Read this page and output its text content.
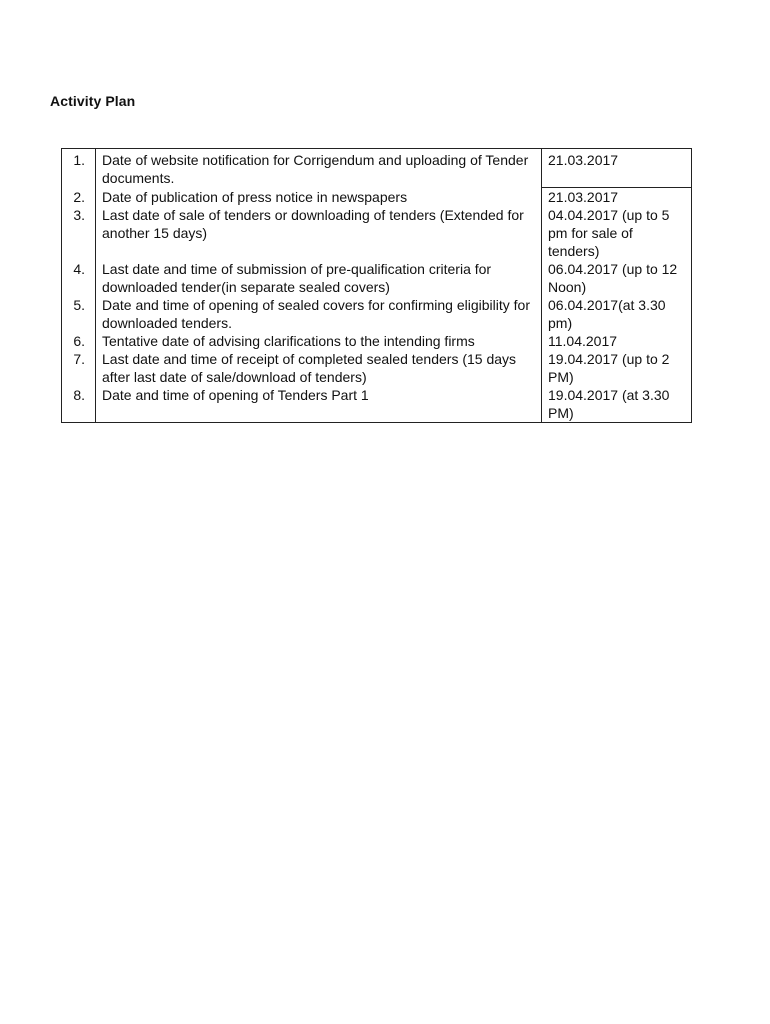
Activity Plan
1.	Date of website notification for Corrigendum and uploading of Tender documents.	21.03.2017
2.	Date of publication of press notice in newspapers	21.03.2017
3.	Last date of sale of tenders or downloading of tenders (Extended for another 15 days)	04.04.2017 (up to 5 pm for sale of tenders)
4.	Last date and time of submission of pre-qualification criteria for downloaded tender(in separate sealed covers)	06.04.2017 (up to 12 Noon)
5.	Date and time of opening of sealed covers for confirming eligibility for downloaded tenders.	06.04.2017(at 3.30 pm)
6.	Tentative date of advising clarifications to the intending firms	11.04.2017
7.	Last date and time of receipt of completed sealed tenders (15 days after last date of sale/download of tenders)	19.04.2017 (up to 2 PM)
8.	Date and time of opening of Tenders Part 1	19.04.2017 (at 3.30 PM)
